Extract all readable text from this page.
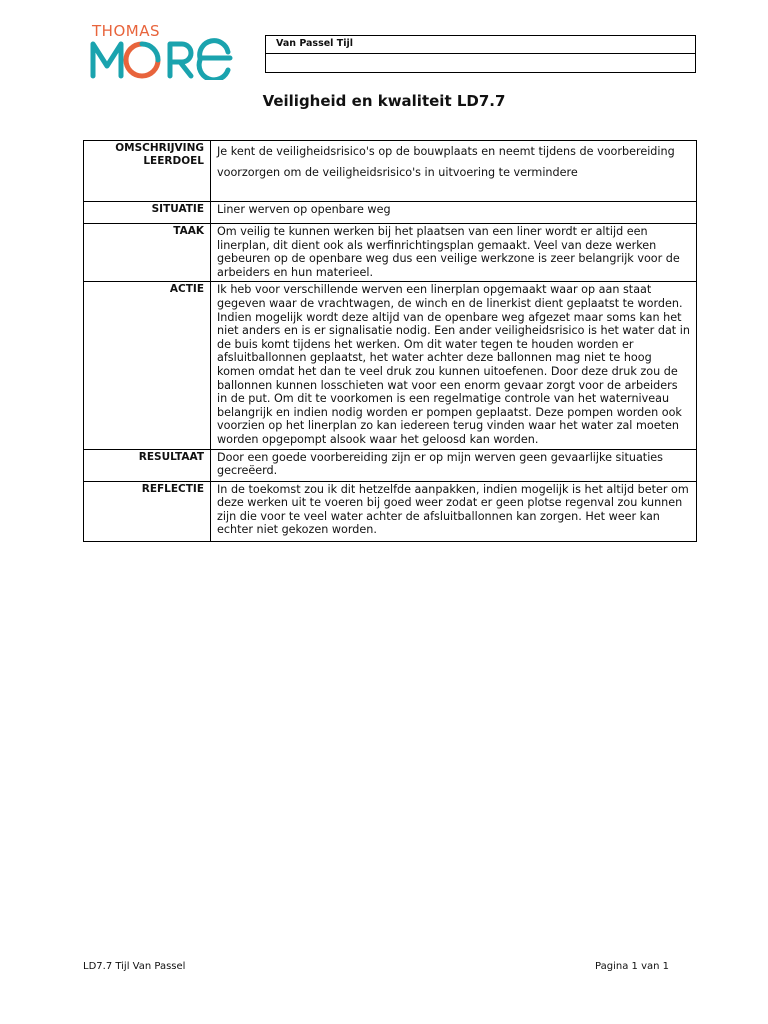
THOMAS
Van Passel Tijl
Veiligheid en kwaliteit LD7.7
OMSCHRIJVING
LEERDOEL	Je kent de veiligheidsrisico's op de bouwplaats en neemt tijdens de voorbereiding voorzorgen om de veiligheidsrisico's in uitvoering te vermindere
SITUATIE	Liner werven op openbare weg
TAAK	Om veilig te kunnen werken bij het plaatsen van een liner wordt er altijd een linerplan, dit dient ook als werfinrichtingsplan gemaakt. Veel van deze werken gebeuren op de openbare weg dus een veilige werkzone is zeer belangrijk voor de arbeiders en hun materieel.
ACTIE	Ik heb voor verschillende werven een linerplan opgemaakt waar op aan staat gegeven waar de vrachtwagen, de winch en de linerkist dient geplaatst te worden. Indien mogelijk wordt deze altijd van de openbare weg afgezet maar soms kan het niet anders en is er signalisatie nodig. Een ander veiligheidsrisico is het water dat in de buis komt tijdens het werken. Om dit water tegen te houden worden er afsluitballonnen geplaatst, het water achter deze ballonnen mag niet te hoog komen omdat het dan te veel druk zou kunnen uitoefenen. Door deze druk zou de ballonnen kunnen losschieten wat voor een enorm gevaar zorgt voor de arbeiders in de put. Om dit te voorkomen is een regelmatige controle van het waterniveau belangrijk en indien nodig worden er pompen geplaatst. Deze pompen worden ook voorzien op het linerplan zo kan iedereen terug vinden waar het water zal moeten worden opgepompt alsook waar het geloosd kan worden.
RESULTAAT	Door een goede voorbereiding zijn er op mijn werven geen gevaarlijke situaties gecreëerd.
REFLECTIE	In de toekomst zou ik dit hetzelfde aanpakken, indien mogelijk is het altijd beter om deze werken uit te voeren bij goed weer zodat er geen plotse regenval zou kunnen zijn die voor te veel water achter de afsluitballonnen kan zorgen. Het weer kan echter niet gekozen worden.
LD7.7 Tijl Van Passel	Pagina 1 van 1
